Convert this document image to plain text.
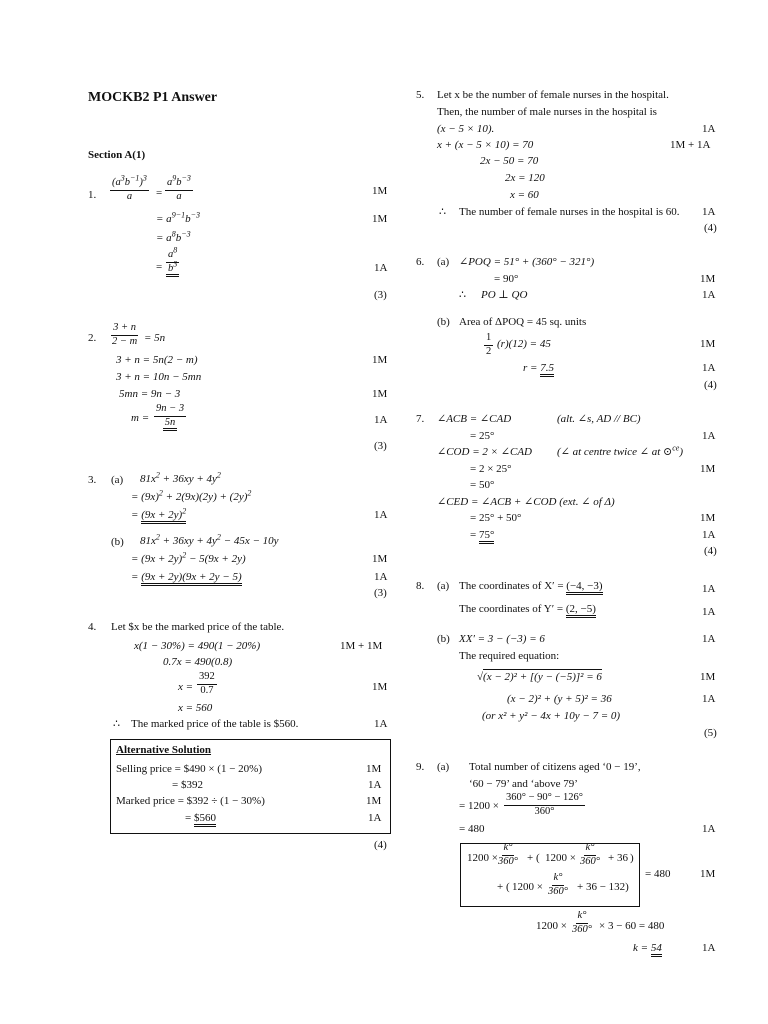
MOCKB2 P1 Answer
Section A(1)
1. $\frac{(a^3b^{-1})^3}{a} = \frac{a^9b^{-3}}{a}$
= $a^{9-1}b^{-3}$
= $a^8b^{-3}$
= $\frac{a^8}{b^3}$
1M
1M
1A
(3)
2. $\frac{3 + n}{2 - m} = 5n$
3 + n = 5n(2 − m)
3 + n = 10n − 5mn
5mn = 9n − 3
$m = \frac{9n - 3}{5n}$
1M
1M
1A
(3)
3. (a) $81x^2 + 36xy + 4y^2$
= $(9x)^2 + 2(9x)(2y) + (2y)^2$
= $(9x + 2y)^2$
(b) $81x^2 + 36xy + 4y^2 - 45x - 10y$
= $(9x + 2y)^2 - 5(9x + 2y)$
= (9x + 2y)(9x + 2y − 5)
1A
1M
1A
(3)
4. Let $x be the marked price of the table.
x(1 − 30%) = 490(1 − 20%)
0.7x = 490(0.8)
$x = \frac{392}{0.7}$
x = 560
∴ The marked price of the table is $560.
1M + 1M
1M
1A
Alternative Solution
Selling price = $490 × (1 − 20%)
= $392
Marked price = $392 ÷ (1 − 30%)
= $560
1M
1A
1M
1A
(4)
5. Let x be the number of female nurses in the hospital.
Then, the number of male nurses in the hospital is
(x − 5 × 10).
x + (x − 5 × 10) = 70
2x − 50 = 70
2x = 120
x = 60
∴ The number of female nurses in the hospital is 60.
1A
1M + 1A
1A
(4)
6. (a) ∠POQ = 51° + (360° − 321°)
= 90°
∴ PO ⊥ QO
(b) Area of ΔPOQ = 45 sq. units
$\frac{1}{2} (r)(12) = 45$
r = 7.5
1M
1A
1M
1A
(4)
7. ∠ACB = ∠CAD	(alt. ∠s, AD // BC)
= 25°
∠COD = 2 × ∠CAD (∠ at centre twice ∠ at ⊙$^{ce}$)
= 2 × 25°
= 50°
∠CED = ∠ACB + ∠COD (ext. ∠ of Δ)
= 25° + 50°
= 75°
1A
1M
1M
1A
(4)
8. (a) The coordinates of X′ = (−4, −3)
The coordinates of Y′ = (2, −5)
(b) XX′ = 3 − (−3) = 6
The required equation:
√(x − 2)² + [(y − (−5)]² = 6
(x − 2)² + (y + 5)² = 36
(or x² + y² − 4x + 10y − 7 = 0)
1A
1A
1A
1M
1A
(5)
9. (a) Total number of citizens aged ‘0 − 19’,
‘60 − 79’ and ‘above 79’
= $1200 \times \frac{360^\circ - 90^\circ - 126^\circ}{360^\circ}$
= 480
1200 ×
$\frac{k^\circ}{360^\circ}$ + ( $1200 \times \frac{k^\circ}{360^\circ} + 36$ )
+ ( $1200 \times \frac{k^\circ}{360^\circ} + 36 - 132$)
= 480
$1200 \times \frac{k^\circ}{360^\circ} \times 3 - 60 = 480$
k = 54
1A
1M
1A
